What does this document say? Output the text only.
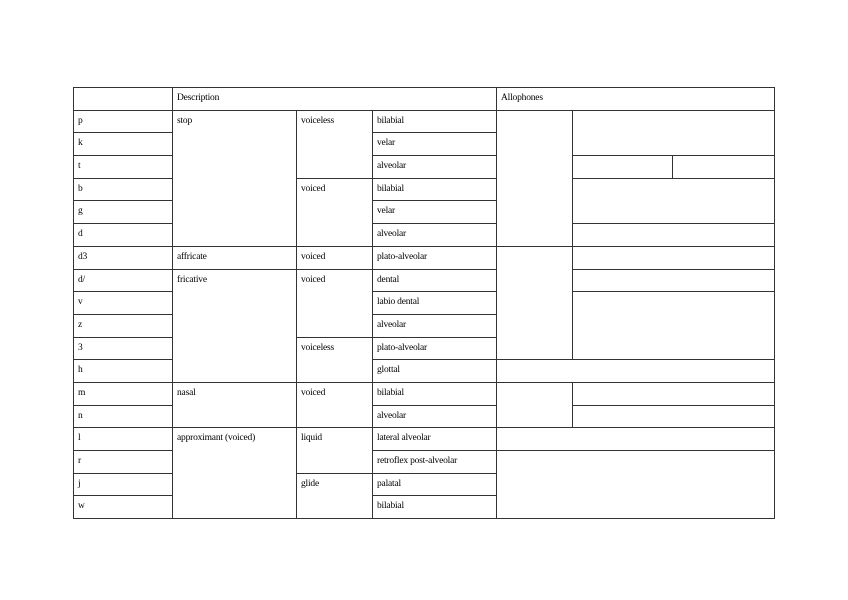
	Description			Allophones		
p	stop	voiceless	bilabial			
k			velar			
t			alveolar			
b		voiced	bilabial			
g			velar			
d			alveolar			
d3	affricate	voiced	plato-alveolar			
d/	fricative	voiced	dental			
v			labio dental			
z			alveolar			
3		voiceless	plato-alveolar			
h			glottal			
m	nasal	voiced	bilabial			
n			alveolar			
l	approximant (voiced)	liquid	lateral alveolar			
r			retroflex post-alveolar			
j		glide	palatal			
w			bilabial			
